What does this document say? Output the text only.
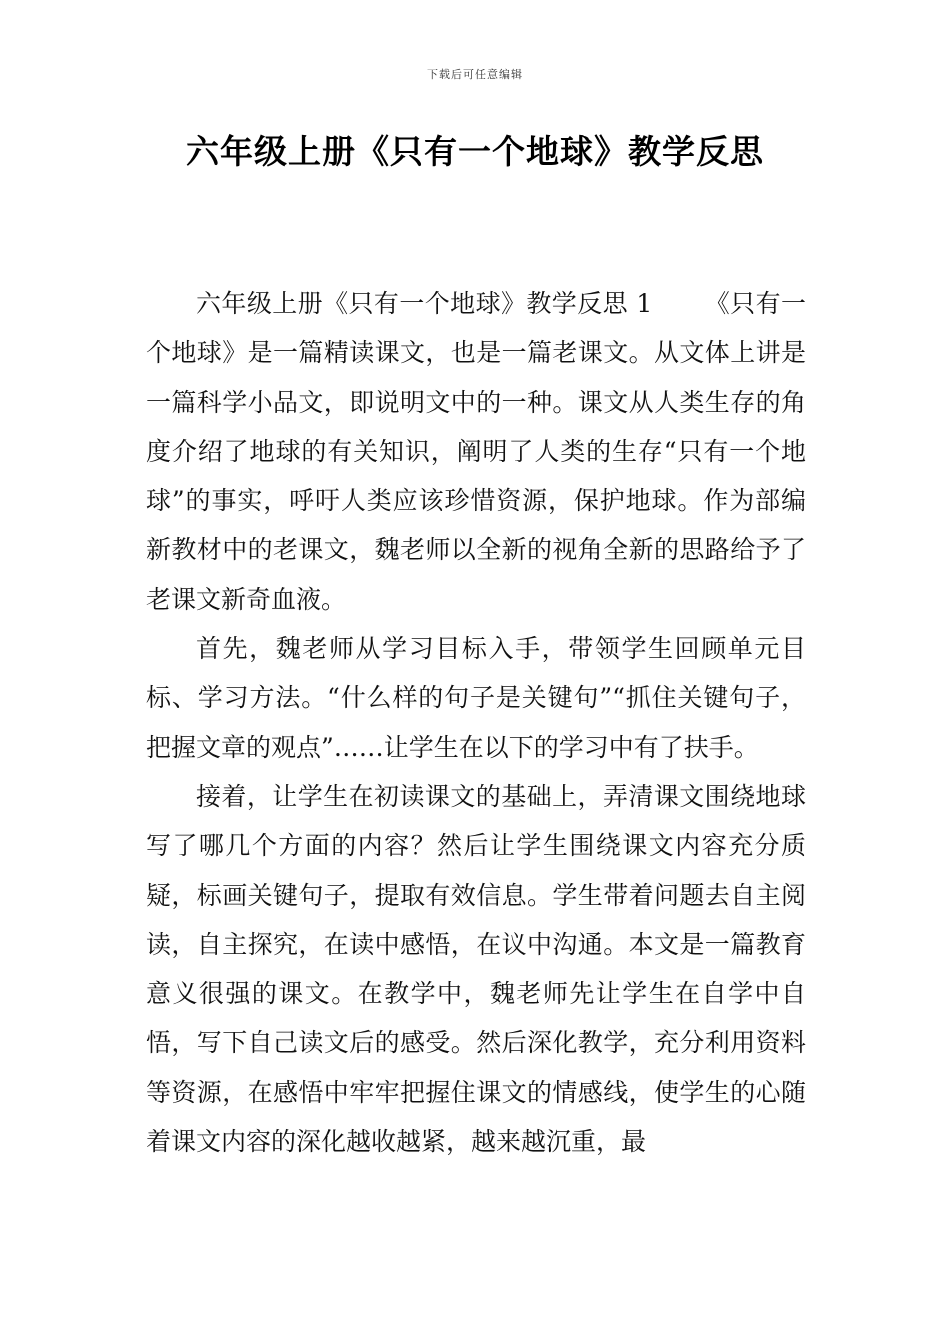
下载后可任意编辑
六年级上册《只有一个地球》教学反思

六年级上册《只有一个地球》教学反思 1 《只有一个地球》是一篇精读课文，也是一篇老课文。从文体上讲是一篇科学小品文，即说明文中的一种。课文从人类生存的角度介绍了地球的有关知识，阐明了人类的生存“只有一个地球”的事实，呼吁人类应该珍惜资源，保护地球。作为部编新教材中的老课文，魏老师以全新的视角全新的思路给予了老课文新奇血液。

首先，魏老师从学习目标入手，带领学生回顾单元目标、学习方法。“什么样的句子是关键句”“抓住关键句子，把握文章的观点”……让学生在以下的学习中有了扶手。

接着，让学生在初读课文的基础上，弄清课文围绕地球写了哪几个方面的内容？然后让学生围绕课文内容充分质疑，标画关键句子，提取有效信息。学生带着问题去自主阅读，自主探究，在读中感悟，在议中沟通。本文是一篇教育意义很强的课文。在教学中，魏老师先让学生在自学中自悟，写下自己读文后的感受。然后深化教学，充分利用资料等资源，在感悟中牢牢把握住课文的情感线，使学生的心随着课文内容的深化越收越紧，越来越沉重，最
